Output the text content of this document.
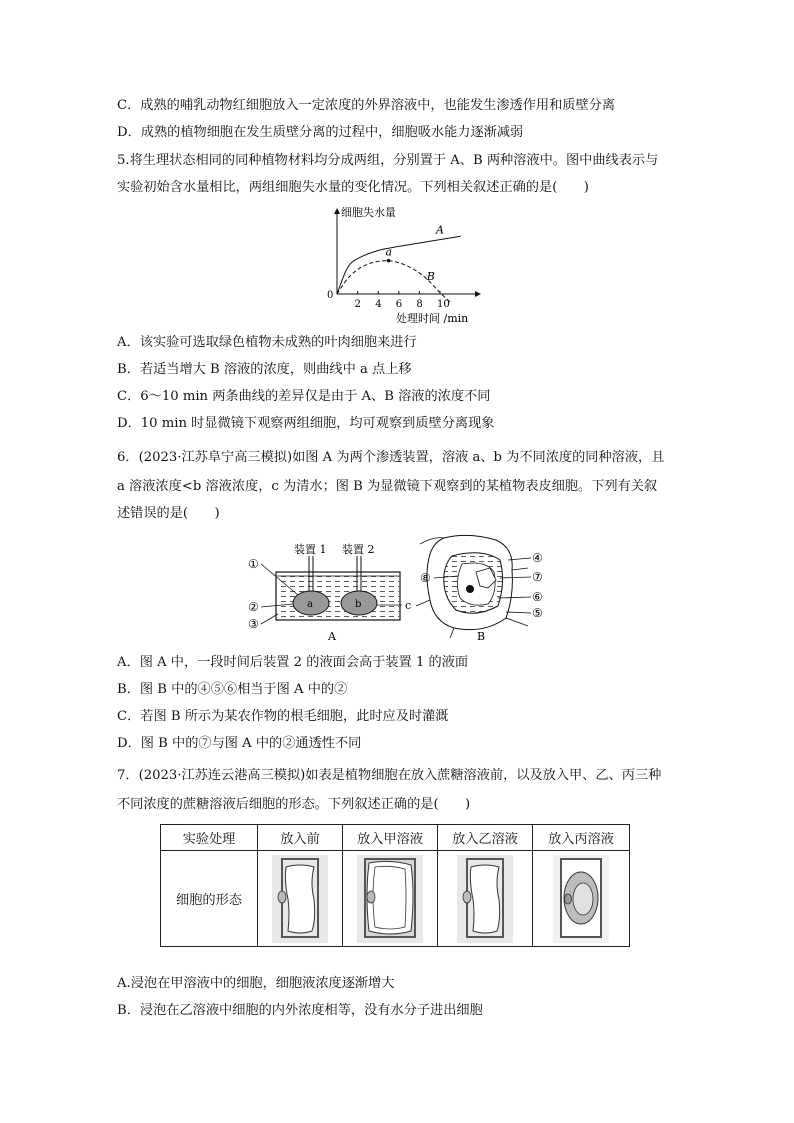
C．成熟的哺乳动物红细胞放入一定浓度的外界溶液中，也能发生渗透作用和质壁分离
D．成熟的植物细胞在发生质壁分离的过程中，细胞吸水能力逐渐减弱
5.将生理状态相同的同种植物材料均分成两组，分别置于 A、B 两种溶液中。图中曲线表示与
实验初始含水量相比，两组细胞失水量的变化情况。下列相关叙述正确的是(　　)
细胞失水量
处理时间 /min
0
2 4 6 8 10
a
A
B
A．该实验可选取绿色植物未成熟的叶肉细胞来进行
B．若适当增大 B 溶液的浓度，则曲线中 a 点上移
C．6～10 min 两条曲线的差异仅是由于 A、B 溶液的浓度不同
D．10 min 时显微镜下观察两组细胞，均可观察到质壁分离现象
6．(2023·江苏阜宁高三模拟)如图 A 为两个渗透装置，溶液 a、b 为不同浓度的同种溶液，且
a 溶液浓度<b 溶液浓度，c 为清水；图 B 为显微镜下观察到的某植物表皮细胞。下列有关叙
述错误的是(　　)
装置 1 装置 2
a	b	c
①
②
③
A
④
⑦
⑥
⑤
⑧
B
A．图 A 中，一段时间后装置 2 的液面会高于装置 1 的液面
B．图 B 中的④⑤⑥相当于图 A 中的②
C．若图 B 所示为某农作物的根毛细胞，此时应及时灌溉
D．图 B 中的⑦与图 A 中的②通透性不同
7．(2023·江苏连云港高三模拟)如表是植物细胞在放入蔗糖溶液前，以及放入甲、乙、丙三种
不同浓度的蔗糖溶液后细胞的形态。下列叙述正确的是(　　)
实验处理	放入前	放入甲溶液	放入乙溶液	放入丙溶液
细胞的形态	

A.浸泡在甲溶液中的细胞，细胞液浓度逐渐增大
B．浸泡在乙溶液中细胞的内外浓度相等，没有水分子进出细胞
